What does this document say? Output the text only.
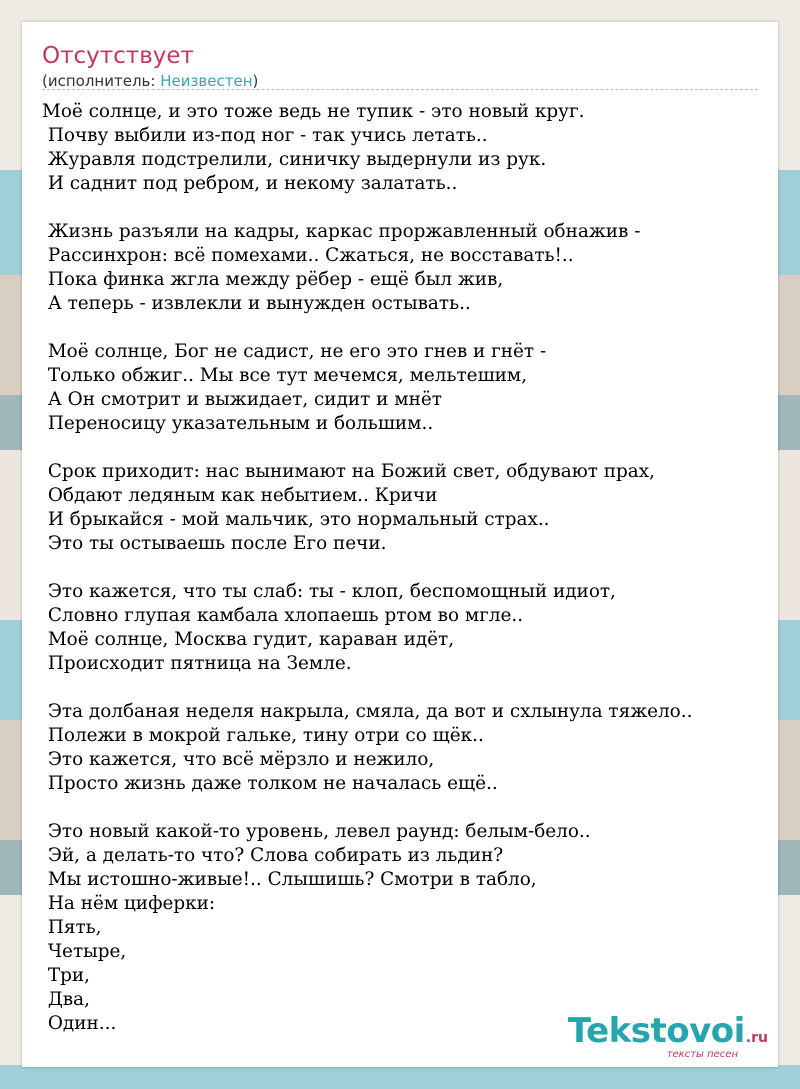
Отсутствует
(исполнитель: Неизвестен)
Моё солнце, и это тоже ведь не тупик - это новый круг.
Почву выбили из-под ног - так учись летать..
Журавля подстрелили, синичку выдернули из рук.
И саднит под ребром, и некому залатать..

Жизнь разъяли на кадры, каркас проржавленный обнажив -
Рассинхрон: всё помехами.. Сжаться, не восставать!..
Пока финка жгла между рёбер - ещё был жив,
А теперь - извлекли и вынужден остывать..

Моё солнце, Бог не садист, не его это гнев и гнёт -
Только обжиг.. Мы все тут мечемся, мельтешим,
А Он смотрит и выжидает, сидит и мнёт
Переносицу указательным и большим..

Срок приходит: нас вынимают на Божий свет, обдувают прах,
Обдают ледяным как небытием.. Кричи
И брыкайся - мой мальчик, это нормальный страх..
Это ты остываешь после Его печи.

Это кажется, что ты слаб: ты - клоп, беспомощный идиот,
Словно глупая камбала хлопаешь ртом во мгле..
Моё солнце, Москва гудит, караван идёт,
Происходит пятница на Земле.

Эта долбаная неделя накрыла, смяла, да вот и схлынула тяжело..
Полежи в мокрой гальке, тину отри со щёк..
Это кажется, что всё мёрзло и нежило,
Просто жизнь даже толком не началась ещё..

Это новый какой-то уровень, левел раунд: белым-бело..
Эй, а делать-то что? Слова собирать из льдин?
Мы истошно-живые!.. Слышишь? Смотри в табло,
На нём циферки:
Пять,
Четыре,
Три,
Два,
Один...	Tekstovoi.ru
тексты песен
